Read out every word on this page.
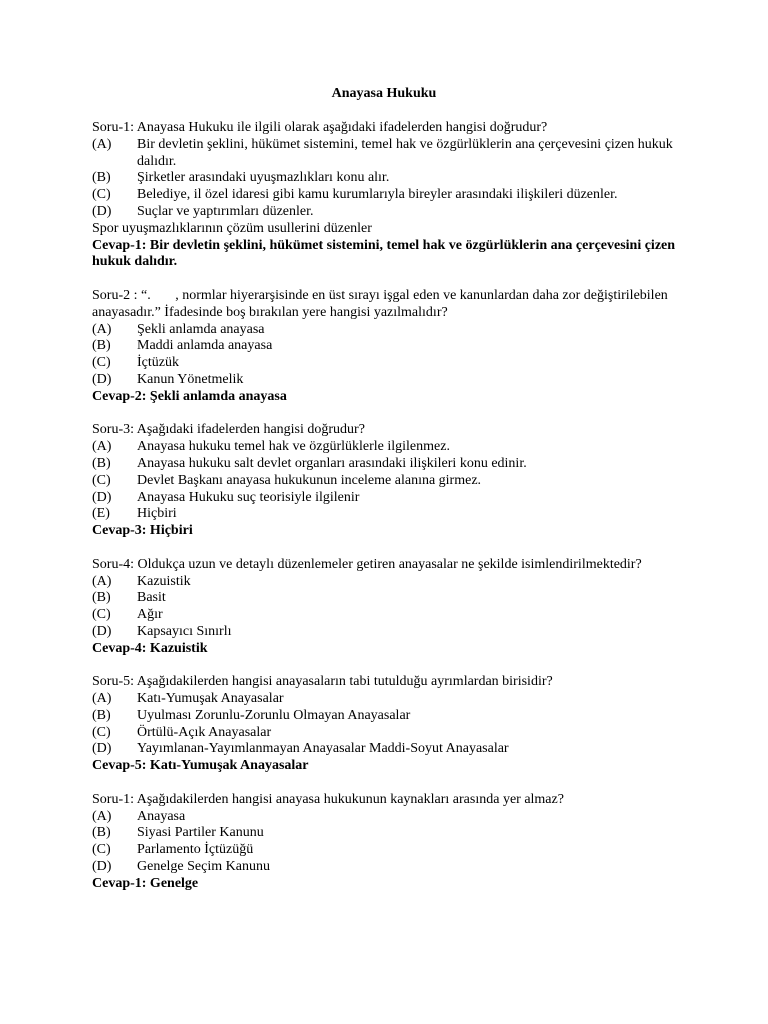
Anayasa Hukuku
Soru-1: Anayasa Hukuku ile ilgili olarak aşağıdaki ifadelerden hangisi doğrudur?
(A)	Bir devletin şeklini, hükümet sistemini, temel hak ve özgürlüklerin ana çerçevesini çizen hukuk dalıdır.
(B)	Şirketler arasındaki uyuşmazlıkları konu alır.
(C)	Belediye, il özel idaresi gibi kamu kurumlarıyla bireyler arasındaki ilişkileri düzenler.
(D)	Suçlar ve yaptırımları düzenler.
Spor uyuşmazlıklarının çözüm usullerini düzenler
Cevap-1: Bir devletin şeklini, hükümet sistemini, temel hak ve özgürlüklerin ana çerçevesini çizen hukuk dalıdır.
Soru-2 : “.       , normlar hiyerarşisinde en üst sırayı işgal eden ve kanunlardan daha zor değiştirilebilen anayasadır.” İfadesinde boş bırakılan yere hangisi yazılmalıdır?
(A)	Şekli anlamda anayasa
(B)	Maddi anlamda anayasa
(C)	İçtüzük
(D)	Kanun Yönetmelik
Cevap-2: Şekli anlamda anayasa
Soru-3: Aşağıdaki ifadelerden hangisi doğrudur?
(A)	Anayasa hukuku temel hak ve özgürlüklerle ilgilenmez.
(B)	Anayasa hukuku salt devlet organları arasındaki ilişkileri konu edinir.
(C)	Devlet Başkanı anayasa hukukunun inceleme alanına girmez.
(D)	Anayasa Hukuku suç teorisiyle ilgilenir
(E)	Hiçbiri
Cevap-3: Hiçbiri
Soru-4: Oldukça uzun ve detaylı düzenlemeler getiren anayasalar ne şekilde isimlendirilmektedir?
(A)	Kazuistik
(B)	Basit
(C)	Ağır
(D)	Kapsayıcı Sınırlı
Cevap-4: Kazuistik
Soru-5: Aşağıdakilerden hangisi anayasaların tabi tutulduğu ayrımlardan birisidir?
(A)	Katı-Yumuşak Anayasalar
(B)	Uyulması Zorunlu-Zorunlu Olmayan Anayasalar
(C)	Örtülü-Açık Anayasalar
(D)	Yayımlanan-Yayımlanmayan Anayasalar Maddi-Soyut Anayasalar
Cevap-5: Katı-Yumuşak Anayasalar
Soru-1: Aşağıdakilerden hangisi anayasa hukukunun kaynakları arasında yer almaz?
(A)	Anayasa
(B)	Siyasi Partiler Kanunu
(C)	Parlamento İçtüzüğü
(D)	Genelge Seçim Kanunu
Cevap-1: Genelge
